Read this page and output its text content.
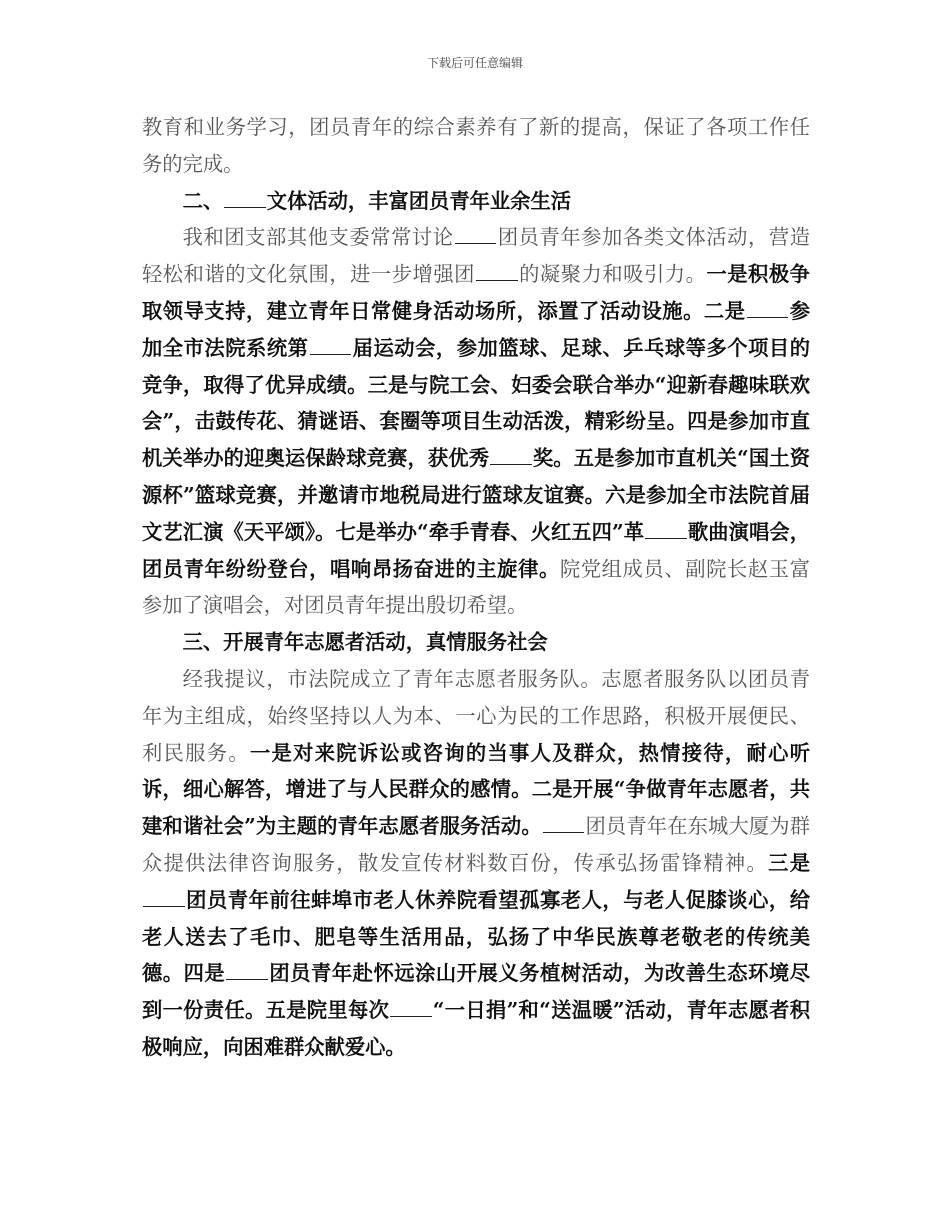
下载后可任意编辑

教育和业务学习，团员青年的综合素养有了新的提高，保证了各项工作任务的完成。

二、 文体活动，丰富团员青年业余生活

我和团支部其他支委常常讨论 团员青年参加各类文体活动，营造轻松和谐的文化氛围，进一步增强团 的凝聚力和吸引力。一是积极争取领导支持，建立青年日常健身活动场所，添置了活动设施。二是 参加全市法院系统第 届运动会，参加篮球、足球、乒乓球等多个项目的竞争，取得了优异成绩。三是与院工会、妇委会联合举办“迎新春趣味联欢会”，击鼓传花、猜谜语、套圈等项目生动活泼，精彩纷呈。四是参加市直机关举办的迎奥运保龄球竞赛，获优秀 奖。五是参加市直机关“国土资源杯”篮球竞赛，并邀请市地税局进行篮球友谊赛。六是参加全市法院首届文艺汇演《天平颂》。七是举办“牵手青春、火红五四”革 歌曲演唱会，团员青年纷纷登台，唱响昂扬奋进的主旋律。院党组成员、副院长赵玉富参加了演唱会，对团员青年提出殷切希望。

三、开展青年志愿者活动，真情服务社会

经我提议，市法院成立了青年志愿者服务队。志愿者服务队以团员青年为主组成，始终坚持以人为本、一心为民的工作思路，积极开展便民、利民服务。一是对来院诉讼或咨询的当事人及群众，热情接待，耐心听诉，细心解答，增进了与人民群众的感情。二是开展“争做青年志愿者，共建和谐社会”为主题的青年志愿者服务活动。 团员青年在东城大厦为群众提供法律咨询服务，散发宣传材料数百份，传承弘扬雷锋精神。三是团员青年前往蚌埠市老人休养院看望孤寡老人，与老人促膝谈心，给老人送去了毛巾、肥皂等生活用品，弘扬了中华民族尊老敬老的传统美德。四是 团员青年赴怀远涂山开展义务植树活动，为改善生态环境尽到一份责任。五是院里每次 “一日捐”和“送温暖”活动，青年志愿者积极响应，向困难群众献爱心。
